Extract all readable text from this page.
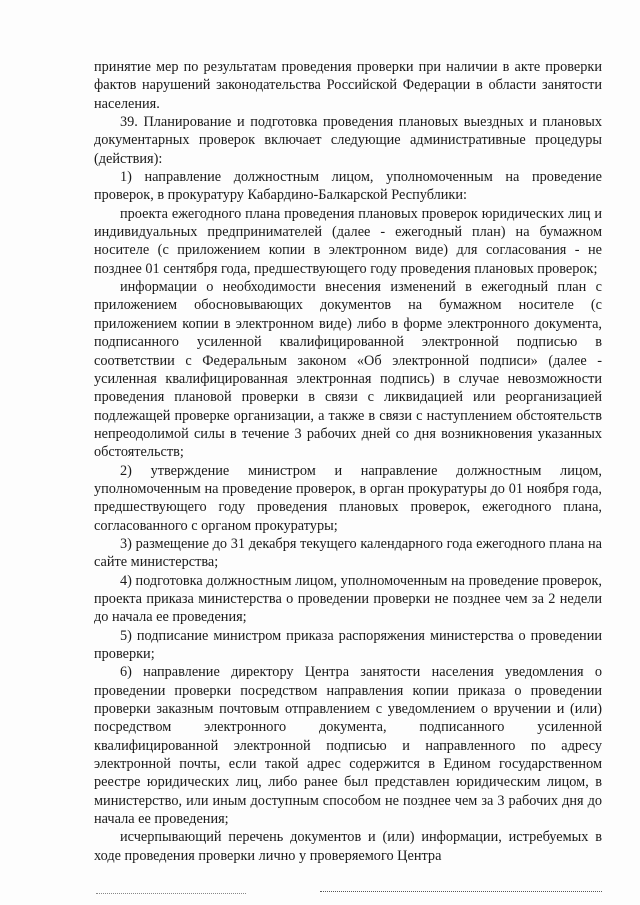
принятие мер по результатам проведения проверки при наличии в акте проверки фактов нарушений законодательства Российской Федерации в области занятости населения.

39. Планирование и подготовка проведения плановых выездных и плановых документарных проверок включает следующие административные процедуры (действия):

1) направление должностным лицом, уполномоченным на проведение проверок, в прокуратуру Кабардино-Балкарской Республики:

проекта ежегодного плана проведения плановых проверок юридических лиц и индивидуальных предпринимателей (далее - ежегодный план) на бумажном носителе (с приложением копии в электронном виде) для согласования - не позднее 01 сентября года, предшествующего году проведения плановых проверок;

информации о необходимости внесения изменений в ежегодный план с приложением обосновывающих документов на бумажном носителе (с приложением копии в электронном виде) либо в форме электронного документа, подписанного усиленной квалифицированной электронной подписью в соответствии с Федеральным законом «Об электронной подписи» (далее - усиленная квалифицированная электронная подпись) в случае невозможности проведения плановой проверки в связи с ликвидацией или реорганизацией подлежащей проверке организации, а также в связи с наступлением обстоятельств непреодолимой силы в течение 3 рабочих дней со дня возникновения указанных обстоятельств;

2) утверждение министром и направление должностным лицом, уполномоченным на проведение проверок, в орган прокуратуры до 01 ноября года, предшествующего году проведения плановых проверок, ежегодного плана, согласованного с органом прокуратуры;

3) размещение до 31 декабря текущего календарного года ежегодного плана на сайте министерства;

4) подготовка должностным лицом, уполномоченным на проведение проверок, проекта приказа министерства о проведении проверки не позднее чем за 2 недели до начала ее проведения;

5) подписание министром приказа распоряжения министерства о проведении проверки;

6) направление директору Центра занятости населения уведомления о проведении проверки посредством направления копии приказа о проведении проверки заказным почтовым отправлением с уведомлением о вручении и (или) посредством электронного документа, подписанного усиленной квалифицированной электронной подписью и направленного по адресу электронной почты, если такой адрес содержится в Едином государственном реестре юридических лиц, либо ранее был представлен юридическим лицом, в министерство, или иным доступным способом не позднее чем за 3 рабочих дня до начала ее проведения;

исчерпывающий перечень документов и (или) информации, истребуемых в ходе проведения проверки лично у проверяемого Центра
